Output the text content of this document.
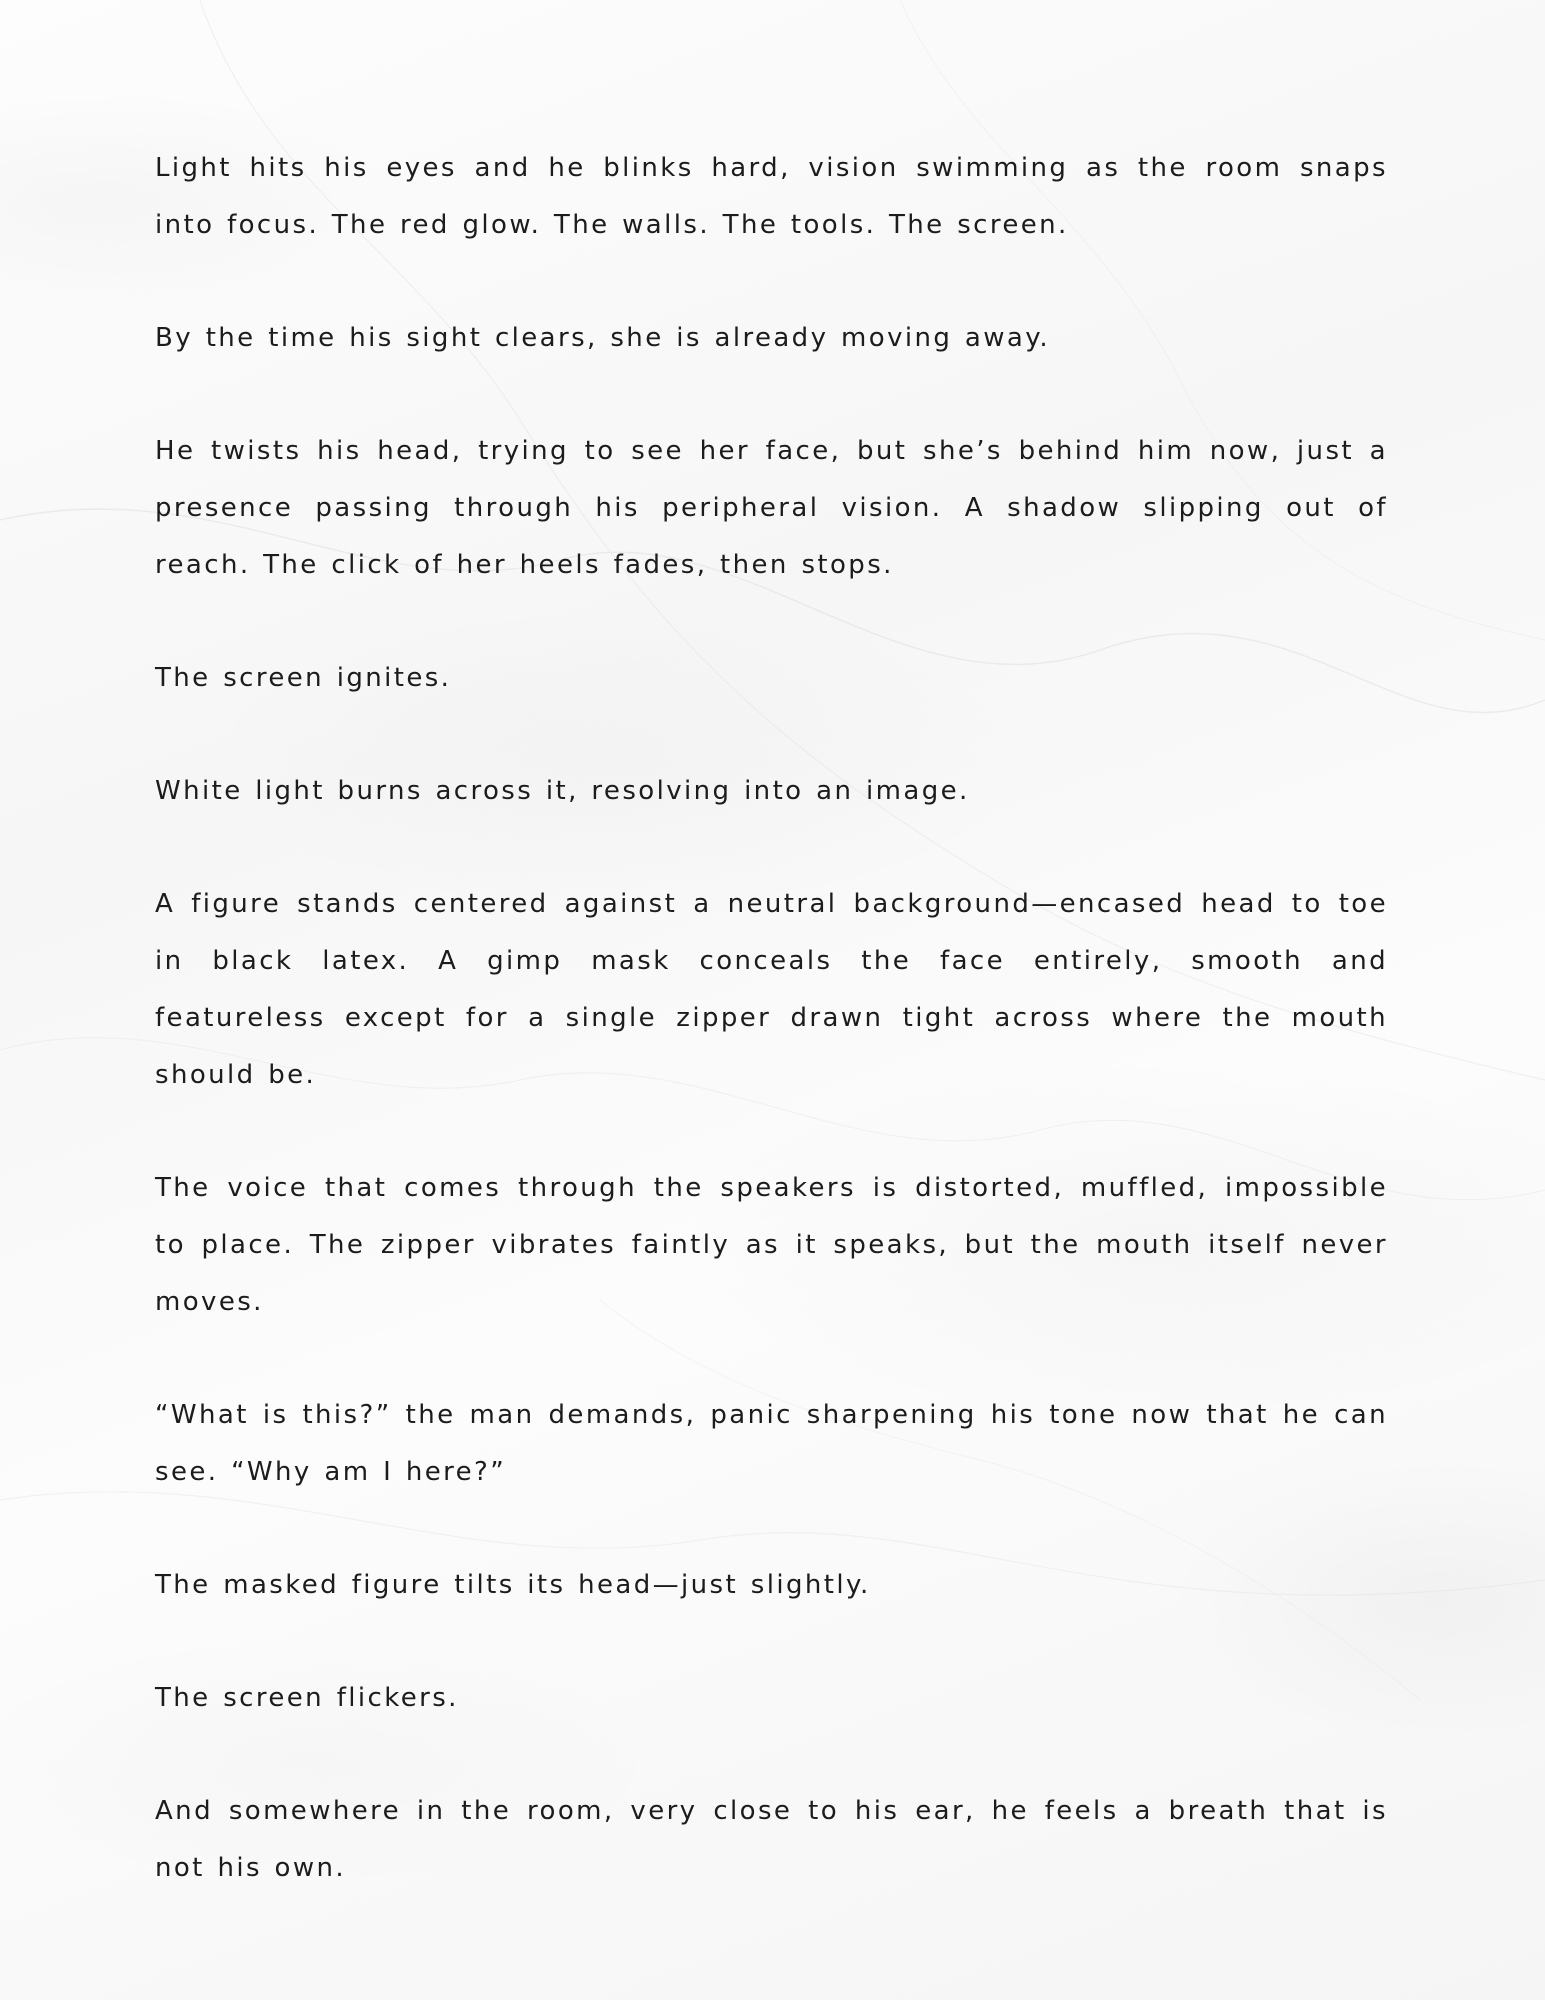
Light hits his eyes and he blinks hard, vision swimming as the room snaps into focus. The red glow. The walls. The tools. The screen.

By the time his sight clears, she is already moving away.

He twists his head, trying to see her face, but she’s behind him now, just a presence passing through his peripheral vision. A shadow slipping out of reach. The click of her heels fades, then stops.

The screen ignites.

White light burns across it, resolving into an image.

A figure stands centered against a neutral background—encased head to toe in black latex. A gimp mask conceals the face entirely, smooth and featureless except for a single zipper drawn tight across where the mouth should be.

The voice that comes through the speakers is distorted, muffled, impossible to place. The zipper vibrates faintly as it speaks, but the mouth itself never moves.

“What is this?” the man demands, panic sharpening his tone now that he can see. “Why am I here?”

The masked figure tilts its head—just slightly.

The screen flickers.

And somewhere in the room, very close to his ear, he feels a breath that is not his own.
